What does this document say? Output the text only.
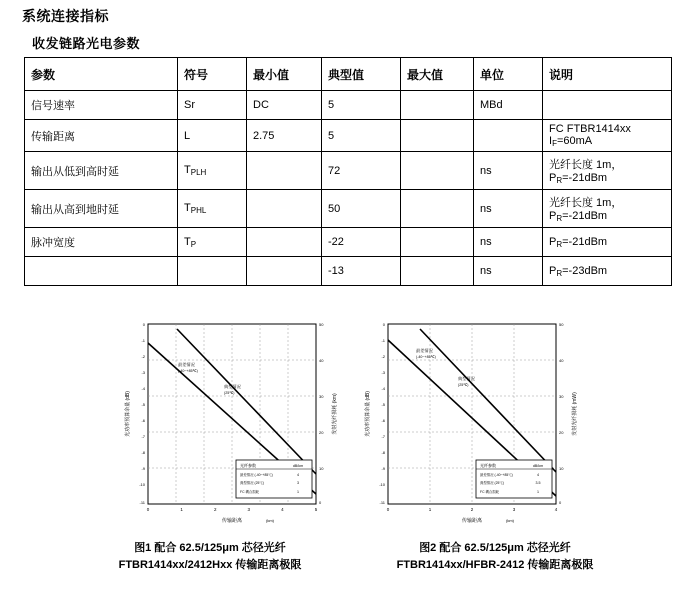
系统连接指标
收发链路光电参数
参数	符号	最小值	典型值	最大值	单位	说明
信号速率	Sr	DC	5		MBd	
传输距离	L	2.75	5			FC FTBR1414xxI$_F$=60mA
输出从低到高时延	$T_{PLH}$		72		ns	光纤长度 1m，$P_R=-21dBm$
输出从高到地时延	$T_{PHL}$		50		ns	光纤长度 1m，$P_R=-21dBm$
脉冲宽度	$T_P$		-22		ns	$P_R=-21dBm$
			-13		ns	$P_R=-23dBm$
0
-1
-2
-3
-4
-5
-6
-7
-8
-9
-10
-11
50
40
30
20
10
0
0	1	2	3	4	5
传输距离	(km)
光功率预算余量 (dB)	发射光纤损耗 (km)
最差情况
(-40~+85℃)
典型情况
(25℃)
光纤参数	dB/km
最差情况 (-40~+85℃)	4
典型情况 (25℃)	3
FC 耦合损耗	1
0
-1
-2
-3
-4
-5
-6
-7
-8
-9
-10
-11
50
40
30
20
10
0
0	1	2	3	4
传输距离	(km)
光功率预算余量 (dB)	发射光纤损耗 (mW)
最差情况
(-40~+85℃)
典型情况
(25℃)
光纤参数	dB/km
最差情况 (-40~+85℃)	4
典型情况 (25℃)	3.5
FC 耦合损耗	1
图1 配合 62.5/125μm 芯径光纤
FTBR1414xx/2412Hxx 传输距离极限
图2 配合 62.5/125μm 芯径光纤
FTBR1414xx/HFBR-2412 传输距离极限
